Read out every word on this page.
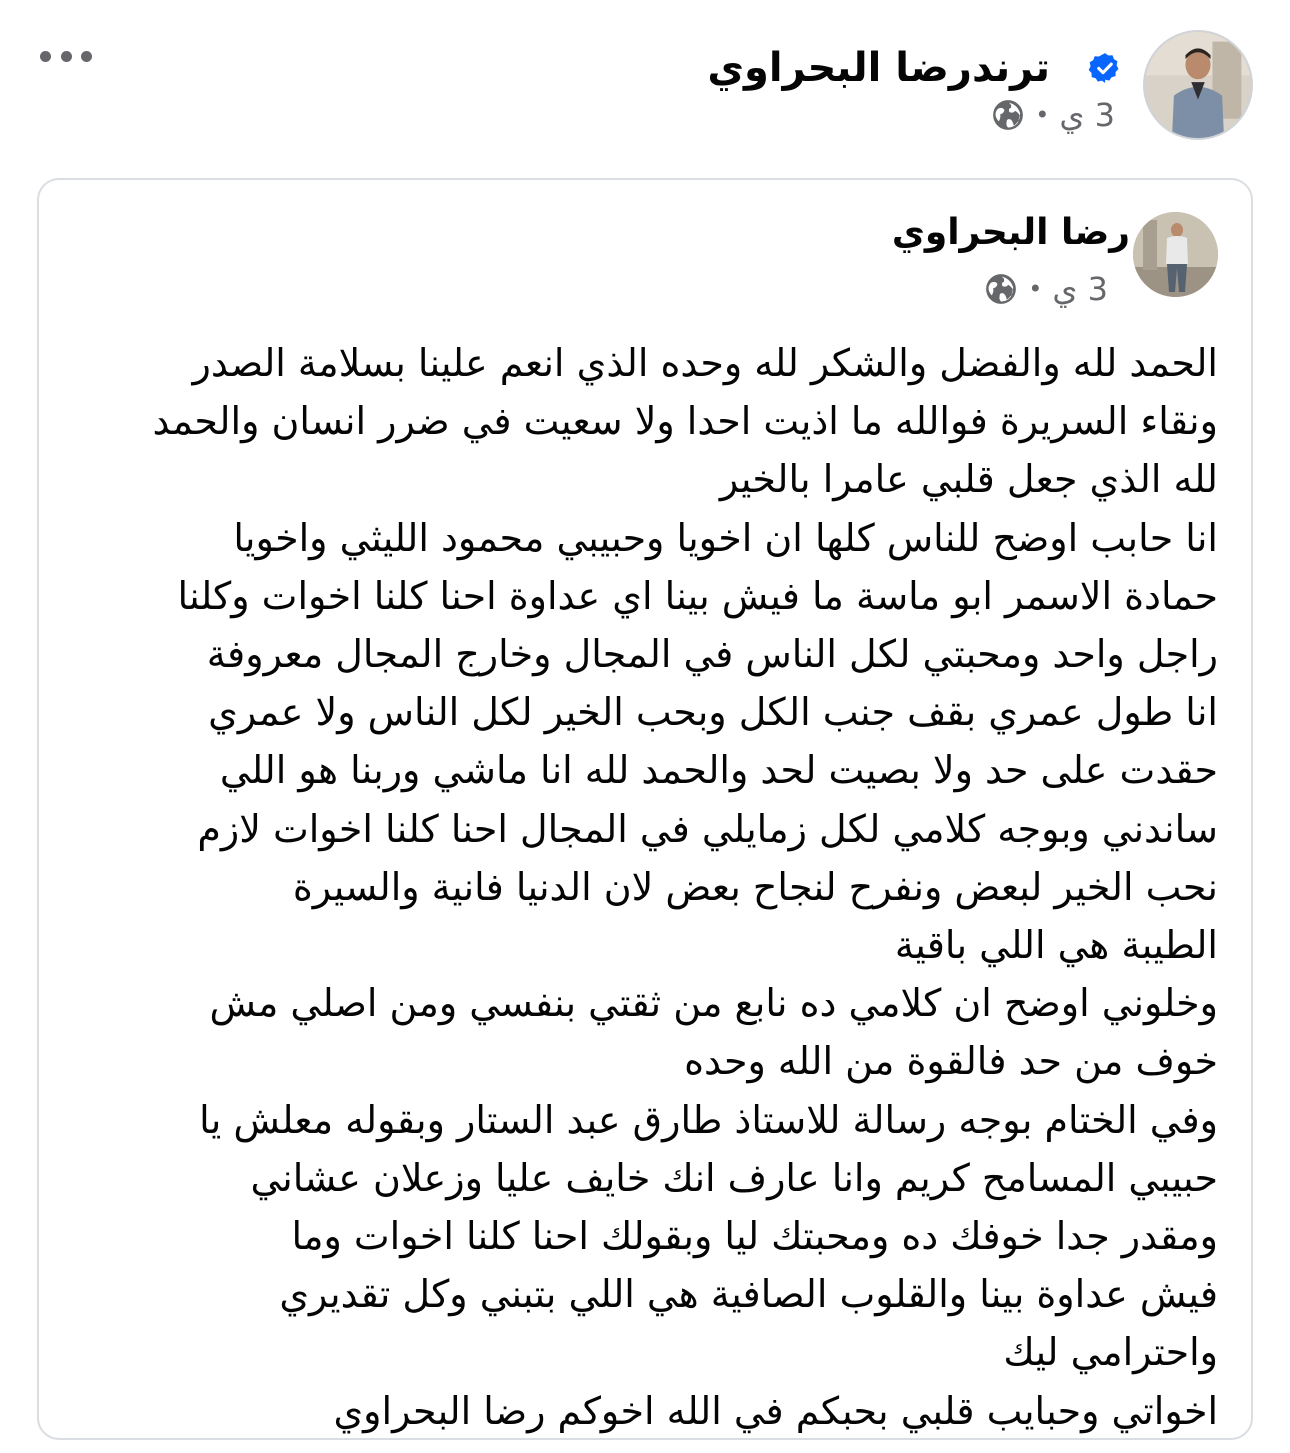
رضا البحراوي ترند
3 ي
•
رضا البحراوي
3 ي
•
الحمد لله والفضل والشكر لله وحده الذي انعم علينا بسلامة الصدر
ونقاء السريرة فوالله ما اذيت احدا ولا سعيت في ضرر انسان والحمد
لله الذي جعل قلبي عامرا بالخير
انا حابب اوضح للناس كلها ان اخويا وحبيبي محمود الليثي واخويا
حمادة الاسمر ابو ماسة ما فيش بينا اي عداوة احنا كلنا اخوات وكلنا
راجل واحد ومحبتي لكل الناس في المجال وخارج المجال معروفة
انا طول عمري بقف جنب الكل وبحب الخير لكل الناس ولا عمري
حقدت على حد ولا بصيت لحد والحمد لله انا ماشي وربنا هو اللي
ساندني وبوجه كلامي لكل زمايلي في المجال احنا كلنا اخوات لازم
نحب الخير لبعض ونفرح لنجاح بعض لان الدنيا فانية والسيرة
الطيبة هي اللي باقية
وخلوني اوضح ان كلامي ده نابع من ثقتي بنفسي ومن اصلي مش
خوف من حد فالقوة من الله وحده
وفي الختام بوجه رسالة للاستاذ طارق عبد الستار وبقوله معلش يا
حبيبي المسامح كريم وانا عارف انك خايف عليا وزعلان عشاني
ومقدر جدا خوفك ده ومحبتك ليا وبقولك احنا كلنا اخوات وما
فيش عداوة بينا والقلوب الصافية هي اللي بتبني وكل تقديري
واحترامي ليك
اخواتي وحبايب قلبي بحبكم في الله اخوكم رضا البحراوي
